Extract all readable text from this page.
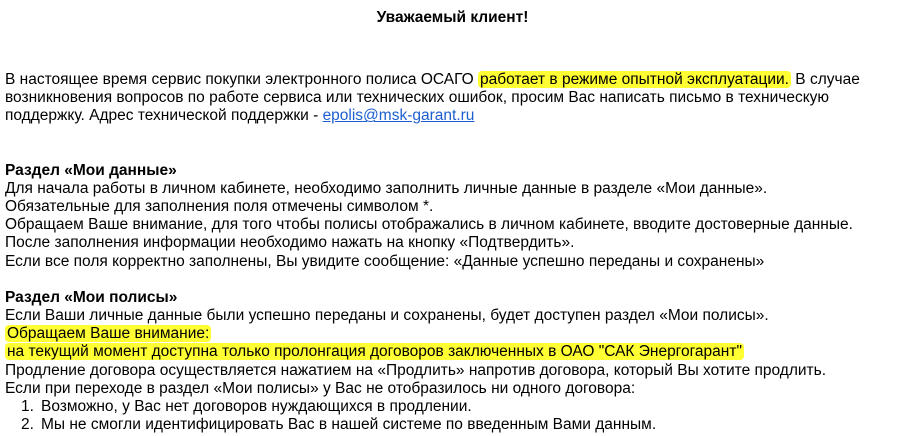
Уважаемый клиент!

В настоящее время сервис покупки электронного полиса ОСАГО работает в режиме опытной эксплуатации. В случае

возникновения вопросов по работе сервиса или технических ошибок, просим Вас написать письмо в техническую

поддержку. Адрес технической поддержки - epolis@msk-garant.ru

Раздел «Мои данные»

Для начала работы в личном кабинете, необходимо заполнить личные данные в разделе «Мои данные».

Обязательные для заполнения поля отмечены символом *.

Обращаем Ваше внимание, для того чтобы полисы отображались в личном кабинете, вводите достоверные данные.

После заполнения информации необходимо нажать на кнопку «Подтвердить».

Если все поля корректно заполнены, Вы увидите сообщение: «Данные успешно переданы и сохранены»

Раздел «Мои полисы»

Если Ваши личные данные были успешно переданы и сохранены, будет доступен раздел «Мои полисы».

Обращаем Ваше внимание:

на текущий момент доступна только пролонгация договоров заключенных в ОАО "САК Энергогарант"

Продление договора осуществляется нажатием на «Продлить» напротив договора, который Вы хотите продлить.

Если при переходе в раздел «Мои полисы» у Вас не отобразилось ни одного договора:

1. Возможно, у Вас нет договоров нуждающихся в продлении.
2. Мы не смогли идентифицировать Вас в нашей системе по введенным Вами данным.
